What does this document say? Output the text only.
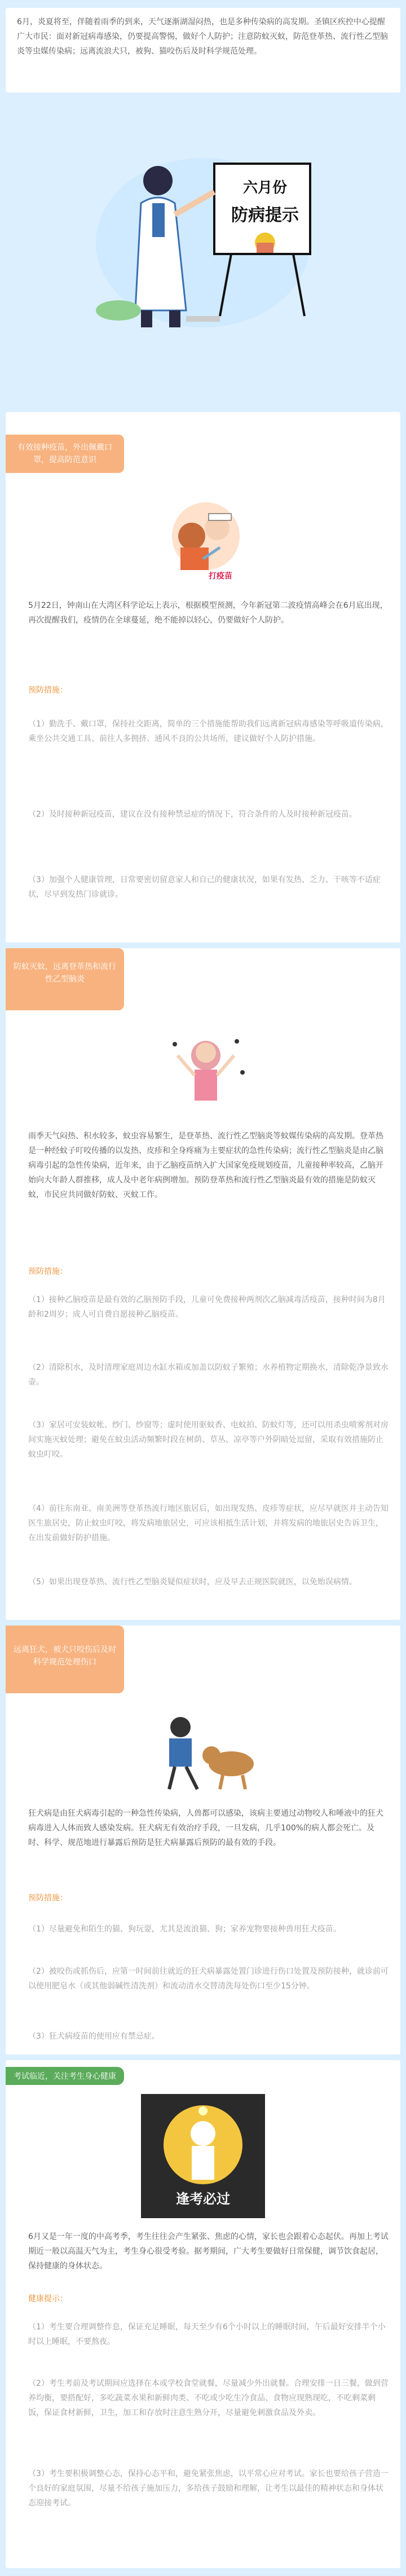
6月，炎夏将至，伴随着雨季的到来，天气逐渐湖湿闷热，也是多种传染病的高发期。圣镇区疾控中心提醒广大市民：面对新冠病毒感染，仍要提高警惕，做好个人防护；注意防蚊灭蚊，防范登革热、流行性乙型脑炎等虫媒传染病；远离流浪犬只，被狗、猫咬伤后及时科学规范处理。
六月份
防病提示
有效接种疫苗，外出佩戴口罩，提高防范意识
打疫苗
5月22日，钟南山在大湾区科学论坛上表示，根据模型预测，今年新冠第二波疫情高峰会在6月底出现，再次提醒我们，疫情仍在全球蔓延，绝不能掉以轻心，仍要做好个人防护。
预防措施：
（1）勤洗手、戴口罩，保持社交距离，简单的三个措施能帮助我们远离新冠病毒感染等呼吸道传染病，乘坐公共交通工具、前往人多拥挤、通风不良的公共场所，建议做好个人防护措施。
（2）及时接种新冠疫苗，建议在没有接种禁忌症的情况下，符合条件的人及时接种新冠疫苗。
（3）加强个人健康管理，日常要密切留意家人和自己的健康状况，如果有发热、乏力、干咳等不适症状，尽早到发热门诊就诊。
防蚊灭蚊，远离登革热和流行性乙型脑炎
雨季天气闷热、积水较多，蚊虫容易繁生，是登革热、流行性乙型脑炎等蚊媒传染病的高发期。登革热是一种经蚊子叮咬传播的以发热、皮疹和全身疼痛为主要症状的急性传染病；流行性乙型脑炎是由乙脑病毒引起的急性传染病，近年来，由于乙脑疫苗纳入扩大国家免疫规划疫苗，儿童接种率较高，乙脑开始向大年龄人群推移，成人及中老年病例增加。预防登革热和流行性乙型脑炎最有效的措施是防蚊灭蚊，市民应共同做好防蚊、灭蚊工作。
预防措施：
（1）接种乙脑疫苗是最有效的乙脑预防手段，儿童可免费接种两剂次乙脑减毒活疫苗，接种时间为8月龄和2周岁；成人可自费自愿接种乙脑疫苗。
（2）清除积水，及时清理家庭周边水缸水箱或加盖以防蚊子繁殖；水养植物定期换水，清除乾净景致水壶。
（3）家居可安装蚊帐、纱门、纱窗等；虚时使用驱蚊香、电蚊拍、防蚊灯等，还可以用杀虫喷雾剂对房间实施灭蚊处理；避免在蚊虫活动频繁时段在树荫、草丛、凉亭等户外阴暗处逗留，采取有效措施防止蚊虫叮咬。
（4）前往东南亚、南美洲等登革热流行地区旅居后，如出现发热、皮疹等症状，应尽早就医并主动告知医生旅居史，防止蚊虫叮咬，将发病地旅居史，可应该相抵生活计划，并将发病的地旅居史告诉卫生，在出发前做好防护措施。
（5）如果出现登革热、流行性乙型脑炎疑似症状时，应及早去正规医院就医，以免贻误病情。
远离狂犬，被犬只咬伤后及时科学规范处理伤口
狂犬病是由狂犬病毒引起的一种急性传染病，人兽都可以感染，该病主要通过动物咬人和唾液中的狂犬病毒进入人体而致人感染发病。狂犬病无有效治疗手段，一旦发病，几乎100%的病人都会死亡。及时、科学、规范地进行暴露后预防是狂犬病暴露后预防的最有效的手段。
预防措施：
（1）尽量避免和陌生的猫、狗玩耍，尤其是流浪猫、狗；家养宠物要接种兽用狂犬疫苗。
（2）被咬伤或抓伤后，应第一时间前往就近的狂犬病暴露处置门诊进行伤口处置及预防接种，就诊前可以使用肥皂水（或其他弱碱性清洗剂）和流动清水交替清洗每处伤口至少15分钟。
（3）狂犬病疫苗的使用应有禁忌症。
考试临近，关注考生身心健康
逢考必过
6月又是一年一度的中高考季，考生往往会产生紧张、焦虑的心情，家长也会跟着心态起伏。再加上考试期近一般以高温天气为主，考生身心很受考验。据考期间，广大考生要做好日常保健，调节饮食起居，保持健康的身体状态。
健康提示：
（1）考生要合理调整作息，保证充足睡眠，每天至少有6个小时以上的睡眠时间，午后最好安排半个小时以上睡眠，不要熬夜。
（2）考生考前及考试期间应选择在本或学校食堂就餐，尽量减少外出就餐。合理安排一日三餐，做到营养均衡，要搭配好，多吃蔬菜水果和新鲜肉类、不吃或少吃生冷食品、食物应现熟现吃，不吃剩菜剩饭，保证食材新鲜，卫生，加工和存放时注意生熟分开，尽量避免刺激食品及外卖。
（3）考生要积极调整心态，保持心态平和，避免紧张焦虑，以平常心应对考试。家长也要给孩子营造一个良好的家庭氛围，尽量不给孩子施加压力，多给孩子鼓励和理解，让考生以最佳的精神状态和身体状态迎接考试。
